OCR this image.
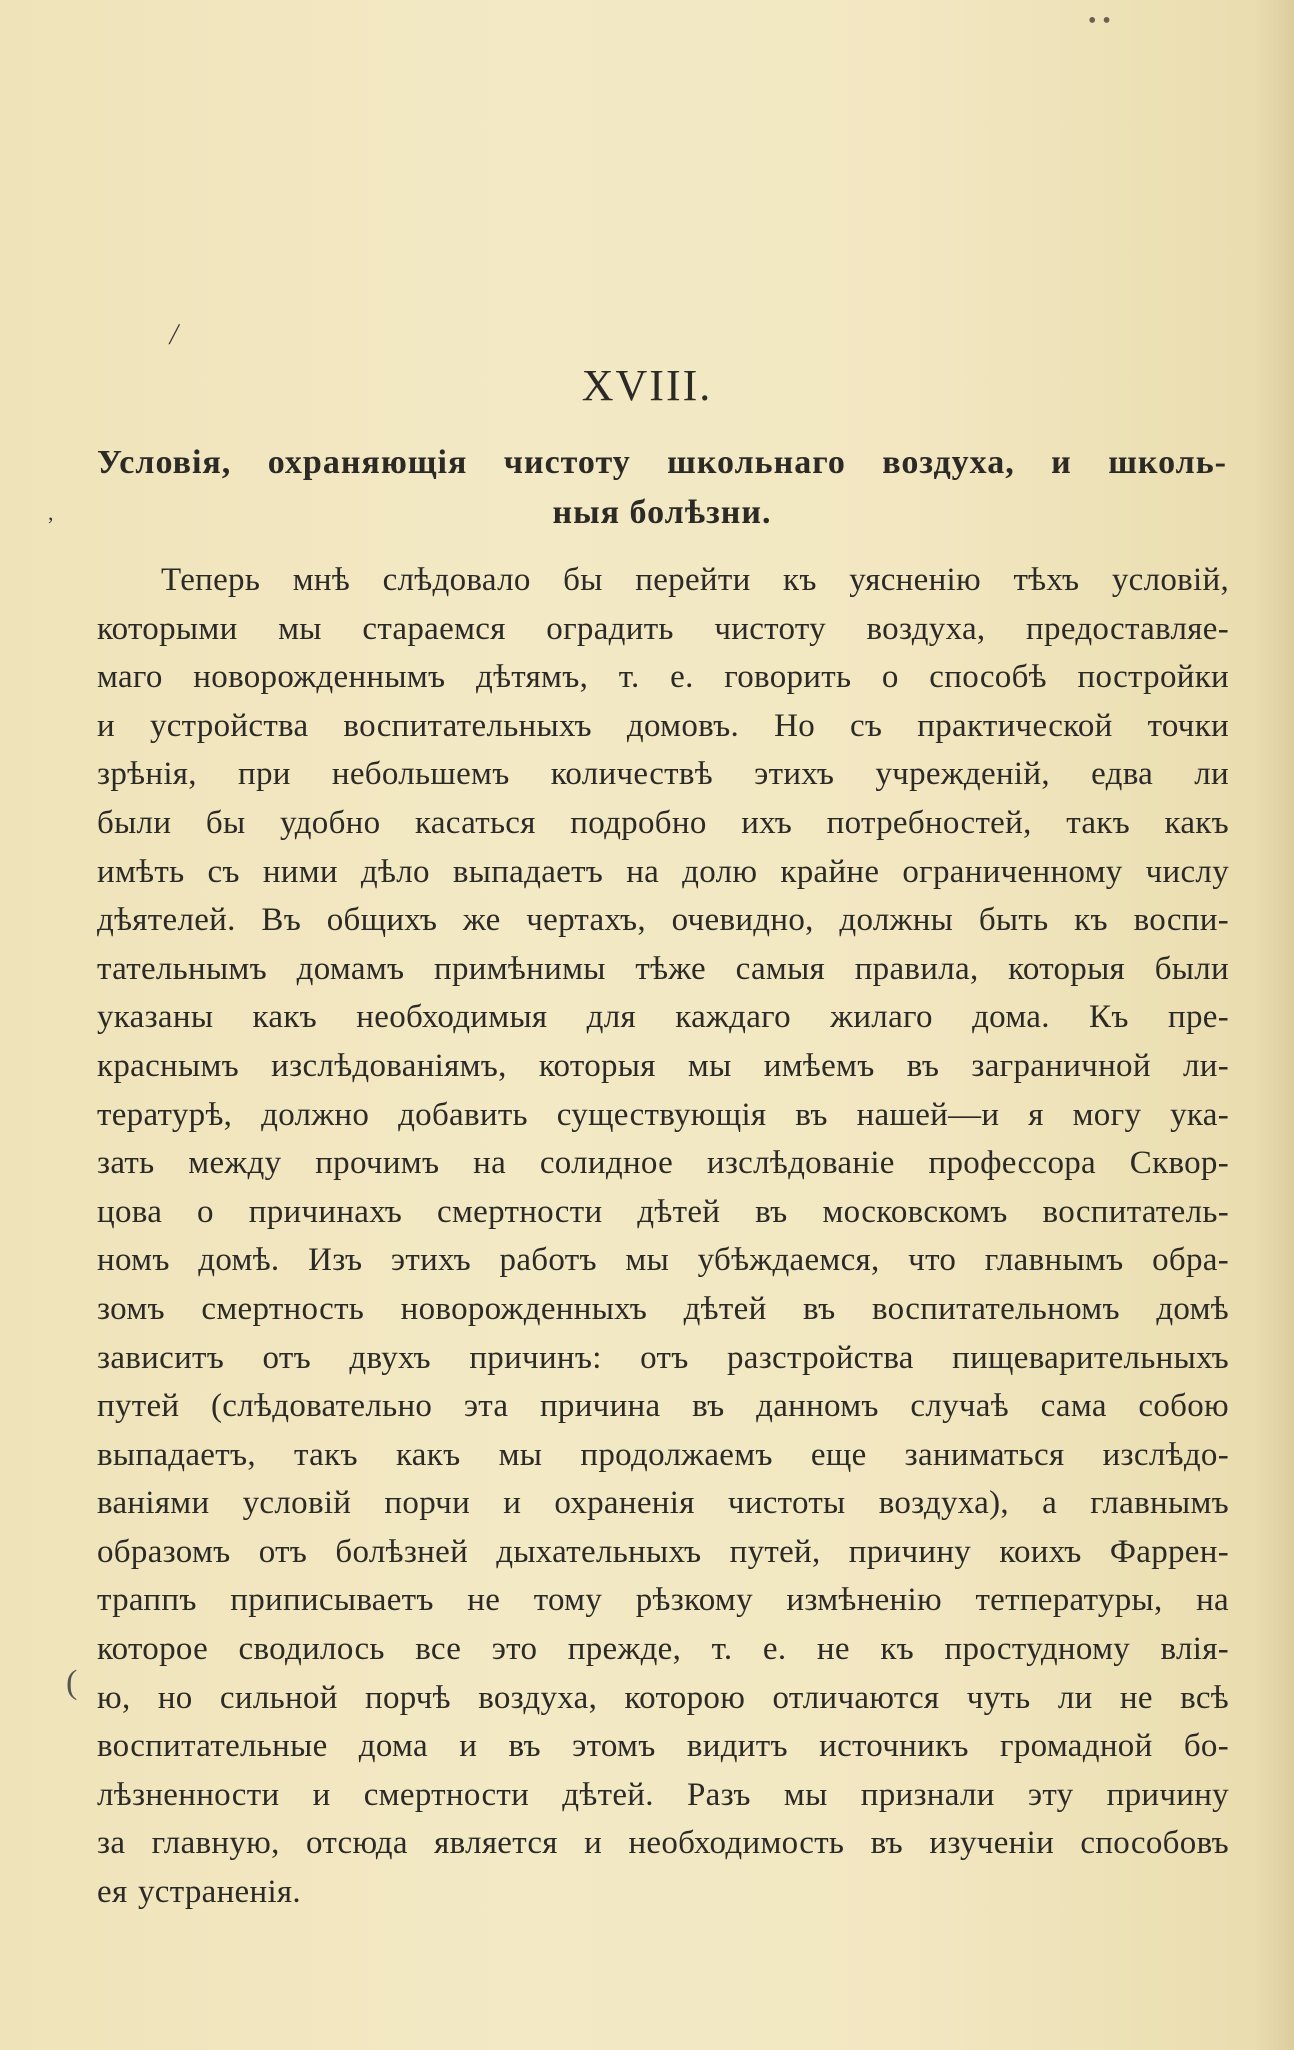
/
,
• •
(
XVIII.
Условія, охраняющія чистоту школьнаго воздуха, и школь-
ныя болѣзни.
Теперь мнѣ слѣдовало бы перейти къ уясненію тѣхъ условій,
которыми мы стараемся оградить чистоту воздуха, предоставляе-
маго новорожденнымъ дѣтямъ, т. е. говорить о способѣ постройки
и устройства воспитательныхъ домовъ. Но съ практической точки
зрѣнія, при небольшемъ количествѣ этихъ учрежденій, едва ли
были бы удобно касаться подробно ихъ потребностей, такъ какъ
имѣть съ ними дѣло выпадаетъ на долю крайне ограниченному числу
дѣятелей. Въ общихъ же чертахъ, очевидно, должны быть къ воспи-
тательнымъ домамъ примѣнимы тѣже самыя правила, которыя были
указаны какъ необходимыя для каждаго жилаго дома. Къ пре-
краснымъ изслѣдованіямъ, которыя мы имѣемъ въ заграничной ли-
тературѣ, должно добавить существующія въ нашей—и я могу ука-
зать между прочимъ на солидное изслѣдованіе профессора Сквор-
цова о причинахъ смертности дѣтей въ московскомъ воспитатель-
номъ домѣ. Изъ этихъ работъ мы убѣждаемся, что главнымъ обра-
зомъ смертность новорожденныхъ дѣтей въ воспитательномъ домѣ
зависитъ отъ двухъ причинъ: отъ разстройства пищеварительныхъ
путей (слѣдовательно эта причина въ данномъ случаѣ сама собою
выпадаетъ, такъ какъ мы продолжаемъ еще заниматься изслѣдо-
ваніями условій порчи и охраненія чистоты воздуха), а главнымъ
образомъ отъ болѣзней дыхательныхъ путей, причину коихъ Фаррен-
траппъ приписываетъ не тому рѣзкому измѣненію тетпературы, на
которое сводилось все это прежде, т. е. не къ простудному влія-
ю, но сильной порчѣ воздуха, которою отличаются чуть ли не всѣ
воспитательные дома и въ этомъ видитъ источникъ громадной бо-
лѣзненности и смертности дѣтей. Разъ мы признали эту причину
за главную, отсюда является и необходимость въ изученіи способовъ
ея устраненія.
